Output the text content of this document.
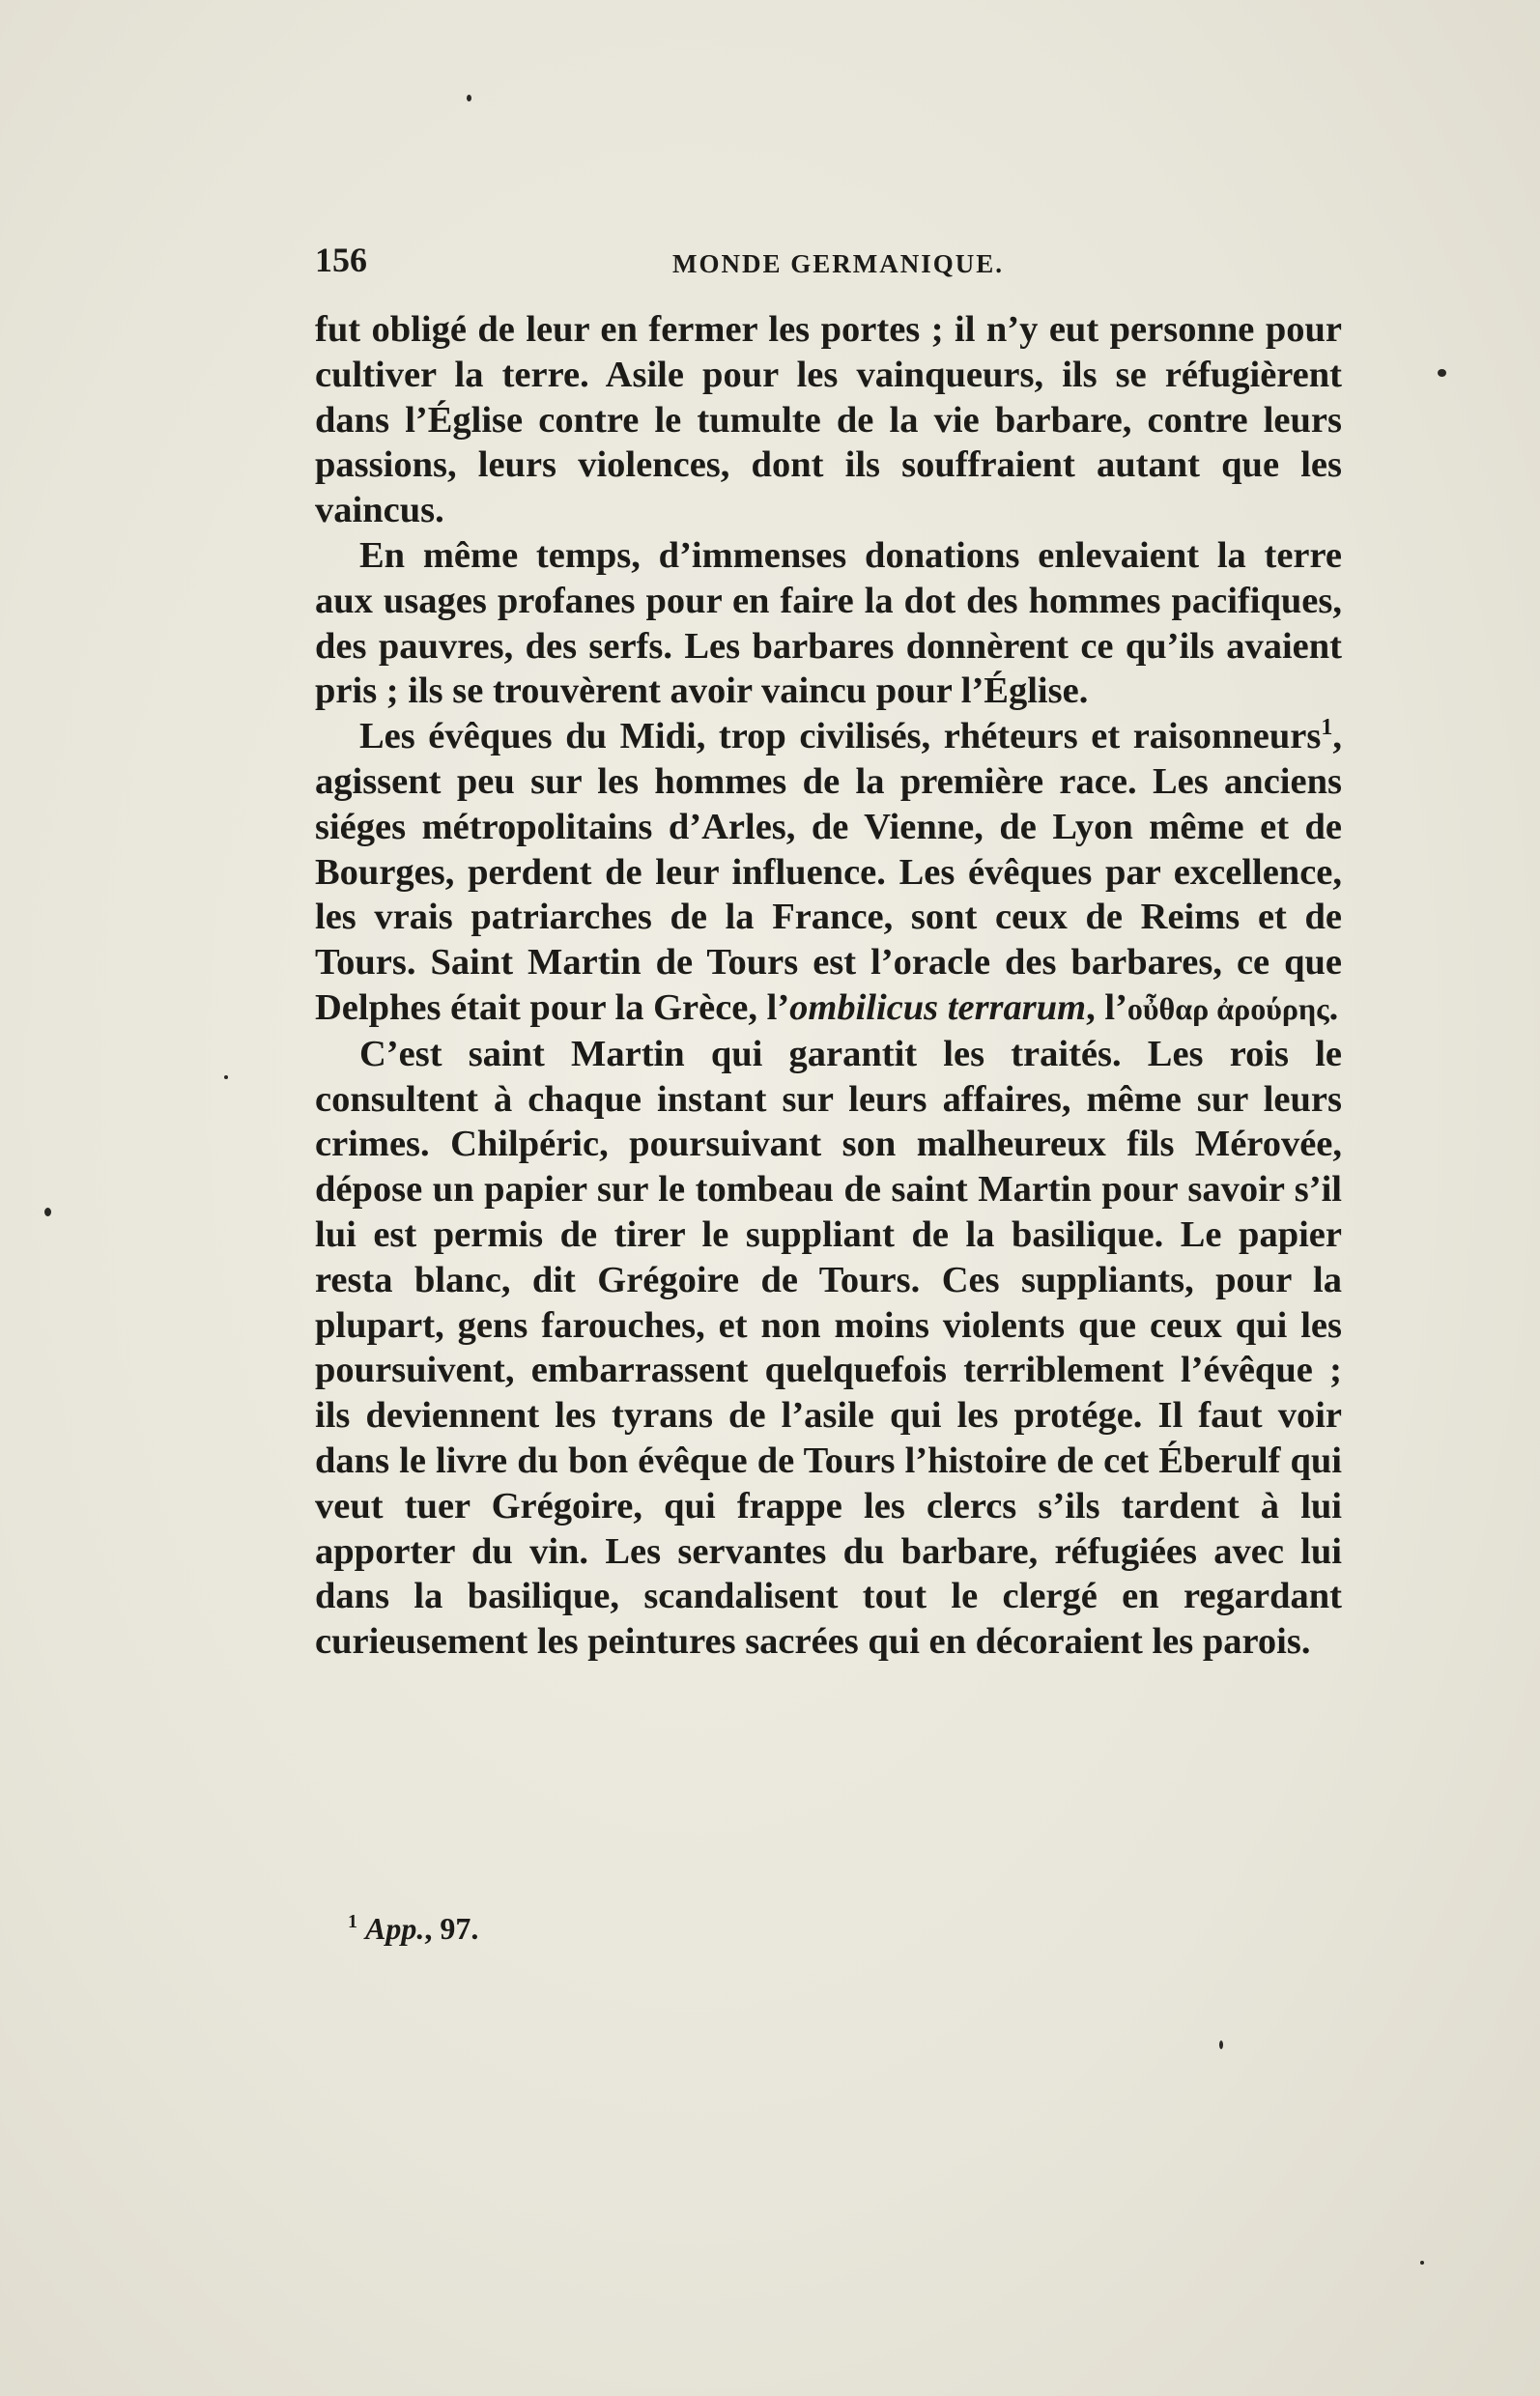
156	MONDE GERMANIQUE.

fut obligé de leur en fermer les portes ; il n’y eut personne pour cultiver la terre. Asile pour les vainqueurs, ils se réfugièrent dans l’Église contre le tumulte de la vie barbare, contre leurs passions, leurs violences, dont ils souffraient autant que les vaincus.

En même temps, d’immenses donations enlevaient la terre aux usages profanes pour en faire la dot des hommes pacifiques, des pauvres, des serfs. Les barbares donnèrent ce qu’ils avaient pris ; ils se trouvèrent avoir vaincu pour l’Église.

Les évêques du Midi, trop civilisés, rhéteurs et raisonneurs$^1$, agissent peu sur les hommes de la première race. Les anciens siéges métropolitains d’Arles, de Vienne, de Lyon même et de Bourges, perdent de leur influence. Les évêques par excellence, les vrais patriarches de la France, sont ceux de Reims et de Tours. Saint Martin de Tours est l’oracle des barbares, ce que Delphes était pour la Grèce, l’ombilicus terrarum, l’οὖθαρ ἀρούρης.

C’est saint Martin qui garantit les traités. Les rois le consultent à chaque instant sur leurs affaires, même sur leurs crimes. Chilpéric, poursuivant son malheureux fils Mérovée, dépose un papier sur le tombeau de saint Martin pour savoir s’il lui est permis de tirer le suppliant de la basilique. Le papier resta blanc, dit Grégoire de Tours. Ces suppliants, pour la plupart, gens farouches, et non moins violents que ceux qui les poursuivent, embarrassent quelquefois terriblement l’évêque ; ils deviennent les tyrans de l’asile qui les protége. Il faut voir dans le livre du bon évêque de Tours l’histoire de cet Éberulf qui veut tuer Grégoire, qui frappe les clercs s’ils tardent à lui apporter du vin. Les servantes du barbare, réfugiées avec lui dans la basilique, scandalisent tout le clergé en regardant curieusement les peintures sacrées qui en décoraient les parois.

$^1$ App., 97.
